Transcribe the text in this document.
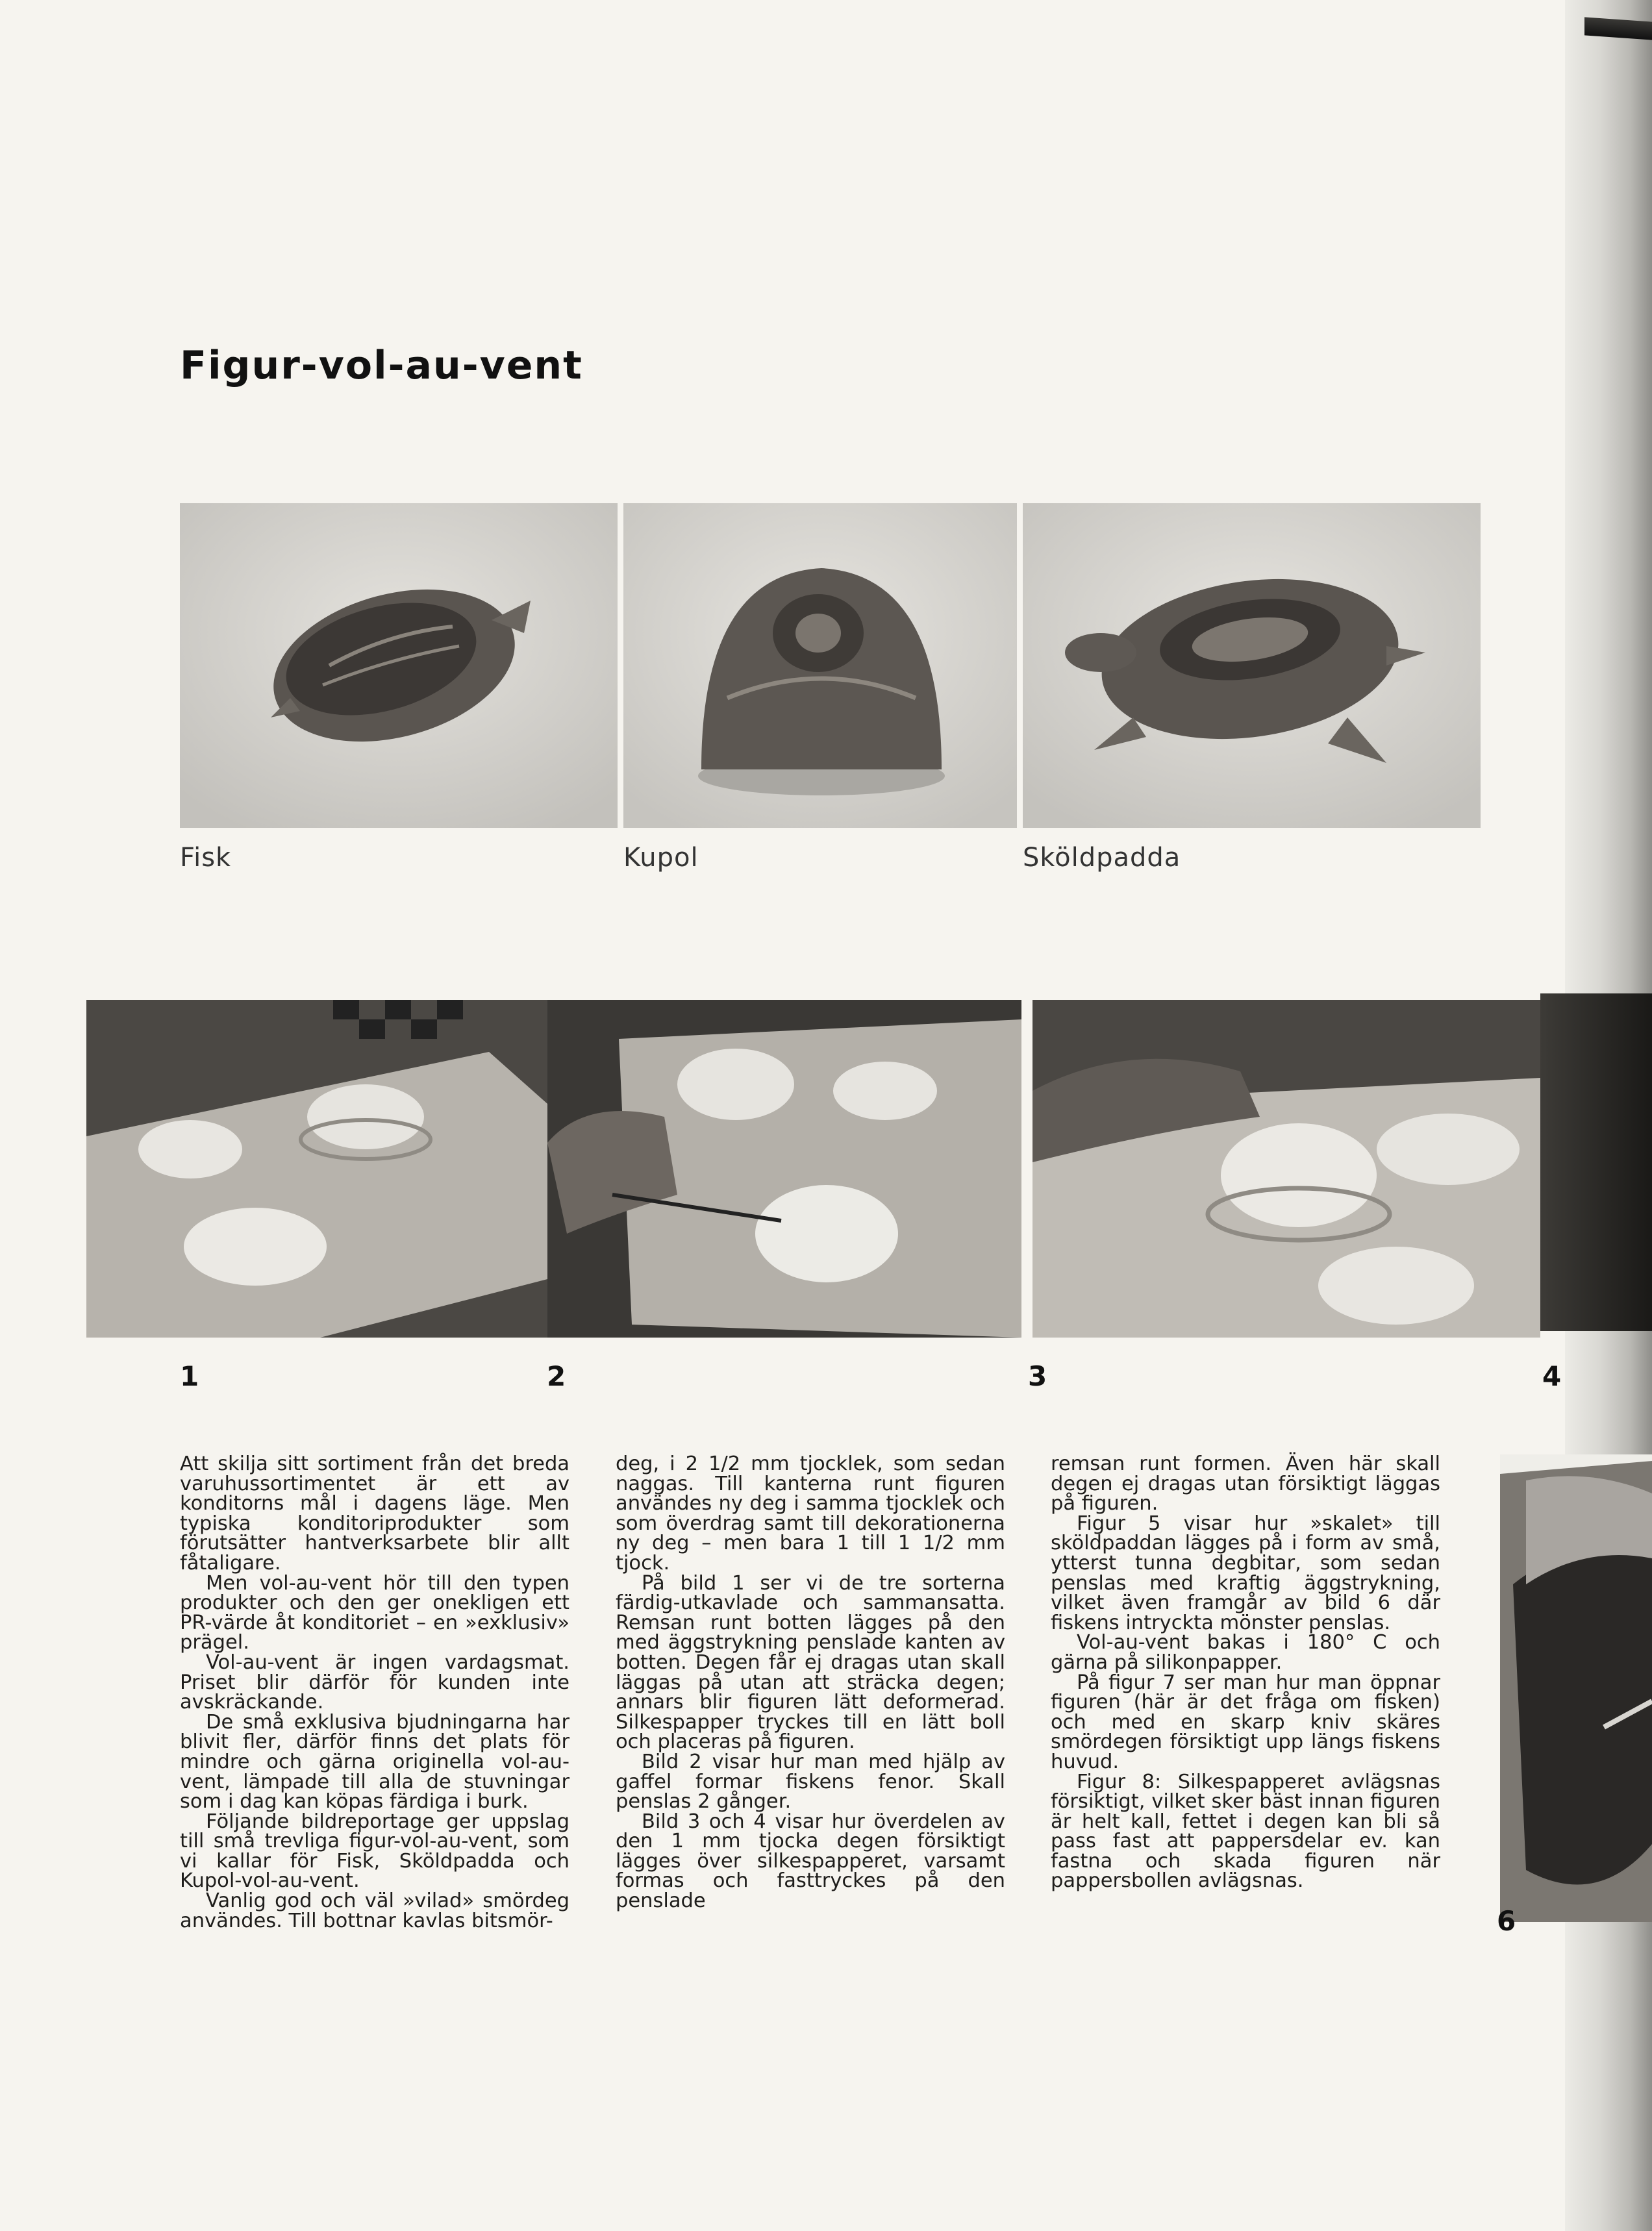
Figur-vol-au-vent
Fisk	Kupol	Sköldpadda
1	2	3	4

Att skilja sitt sortiment från det breda varuhussortimentet är ett av konditorns mål i dagens läge. Men typiska konditoriprodukter som förutsätter hantverksarbete blir allt fåtaligare.

Men vol-au-vent hör till den typen produkter och den ger onekligen ett PR-värde åt konditoriet – en »exklusiv» prägel.

Vol-au-vent är ingen vardagsmat. Priset blir därför för kunden inte avskräckande.

De små exklusiva bjudningarna har blivit fler, därför finns det plats för mindre och gärna originella vol-au-vent, lämpade till alla de stuvningar som i dag kan köpas färdiga i burk.

Följande bildreportage ger uppslag till små trevliga figur-vol-au-vent, som vi kallar för Fisk, Sköldpadda och Kupol-vol-au-vent.

Vanlig god och väl »vilad» smördeg användes. Till bottnar kavlas bitsmör-

deg, i 2 1/2 mm tjocklek, som sedan naggas. Till kanterna runt figuren användes ny deg i samma tjocklek och som överdrag samt till dekorationerna ny deg – men bara 1 till 1 1/2 mm tjock.

På bild 1 ser vi de tre sorterna färdig-utkavlade och sammansatta. Remsan runt botten lägges på den med äggstrykning penslade kanten av botten. Degen får ej dragas utan skall läggas på utan att sträcka degen; annars blir figuren lätt deformerad. Silkespapper tryckes till en lätt boll och placeras på figuren.

Bild 2 visar hur man med hjälp av gaffel formar fiskens fenor. Skall penslas 2 gånger.

Bild 3 och 4 visar hur överdelen av den 1 mm tjocka degen försiktigt lägges över silkespapperet, varsamt formas och fasttryckes på den penslade

remsan runt formen. Även här skall degen ej dragas utan försiktigt läggas på figuren.

Figur 5 visar hur »skalet» till sköldpaddan lägges på i form av små, ytterst tunna degbitar, som sedan penslas med kraftig äggstrykning, vilket även framgår av bild 6 där fiskens intryckta mönster penslas.

Vol-au-vent bakas i 180° C och gärna på silikonpapper.

På figur 7 ser man hur man öppnar figuren (här är det fråga om fisken) och med en skarp kniv skäres smördegen försiktigt upp längs fiskens huvud.

Figur 8: Silkespapperet avlägsnas försiktigt, vilket sker bäst innan figuren är helt kall, fettet i degen kan bli så pass fast att pappersdelar ev. kan fastna och skada figuren när pappersbollen avlägsnas.

6
